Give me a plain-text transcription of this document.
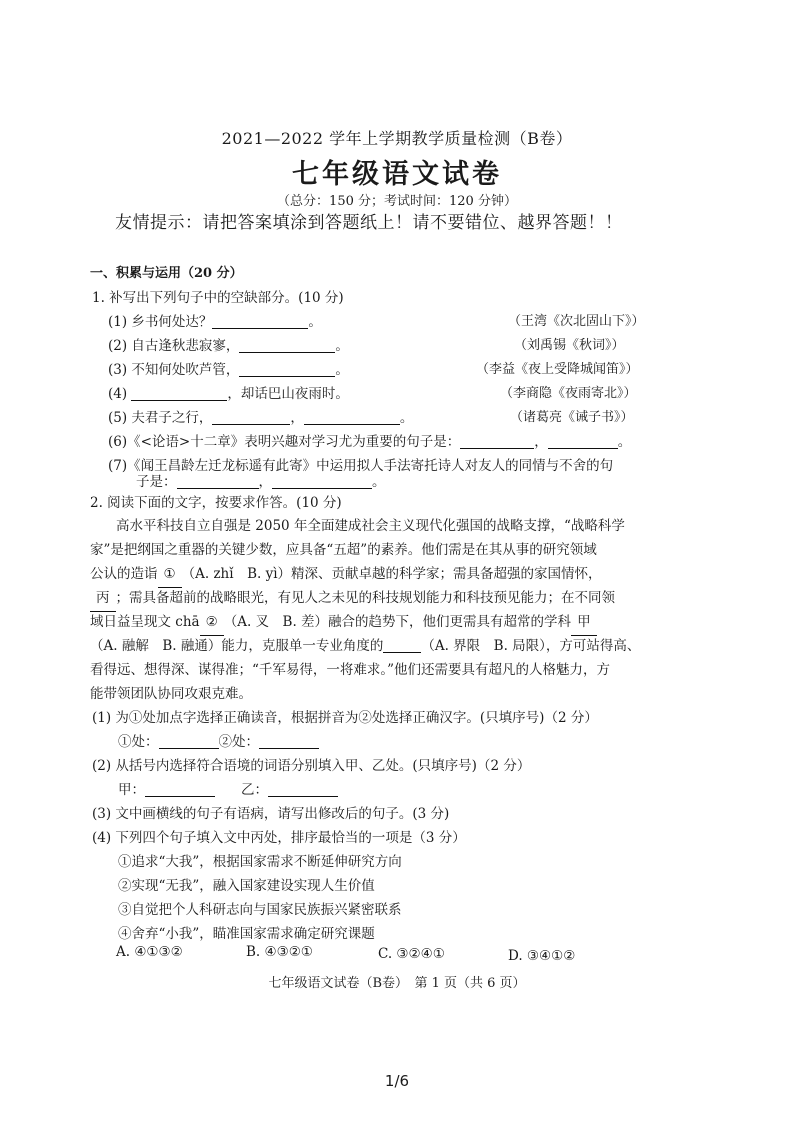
2021—2022 学年上学期教学质量检测（B卷）
七年级语文试卷
（总分：150 分；考试时间：120 分钟）
友情提示：请把答案填涂到答题纸上！请不要错位、越界答题！！
一、积累与运用（20 分）
1. 补写出下列句子中的空缺部分。(10 分)
(1) 乡书何处达？	。	（王湾《次北固山下》）
(2) 自古逢秋悲寂寥，	。	（刘禹锡《秋词》）
(3) 不知何处吹芦管，	。	（李益《夜上受降城闻笛》）
(4)	，却话巴山夜雨时。	（李商隐《夜雨寄北》）
(5) 夫君子之行，	，	。	（诸葛亮《诫子书》）
(6)《<论语>十二章》表明兴趣对学习尤为重要的句子是：	，	。
(7)《闻王昌龄左迁龙标遥有此寄》中运用拟人手法寄托诗人对友人的同情与不舍的句
子是：	，	。
2. 阅读下面的文字，按要求作答。(10 分)
高水平科技自立自强是 2050 年全面建成社会主义现代化强国的战略支撑，“战略科学
家”是把纲国之重器的关键少数，应具备“五超”的素养。他们需是在其从事的研究领域
公认的造诣 ① （A. zhǐ　B. yì）精深、贡献卓越的科学家；需具备超强的家国情怀，
丙 ；需具备超前的战略眼光，有见人之未见的科技规划能力和科技预见能力；在不同领
域日益呈现文 chā ② （A. 叉　B. 差）融合的趋势下，他们更需具有超常的学科 甲
（A. 融解　B. 融通）能力，克服单一专业角度的	（A. 界限　B. 局限），方可站得高、
看得远、想得深、谋得准；“千军易得，一将难求。”他们还需要具有超凡的人格魅力，方
能带领团队协同攻艰克难。
(1) 为①处加点字选择正确读音，根据拼音为②处选择正确汉字。(只填序号)（2 分）
①处：	②处：
(2) 从括号内选择符合语境的词语分别填入甲、乙处。(只填序号)（2 分）
甲：	乙：
(3) 文中画横线的句子有语病，请写出修改后的句子。(3 分)
(4) 下列四个句子填入文中丙处，排序最恰当的一项是（3 分）
①追求“大我”，根据国家需求不断延伸研究方向
②实现“无我”，融入国家建设实现人生价值
③自觉把个人科研志向与国家民族振兴紧密联系
④舍弃“小我”，瞄准国家需求确定研究课题
A. ④①③②	B. ④③②①	C. ③②④①	D. ③④①②
七年级语文试卷（B卷）　第 1 页（共 6 页）
1/6
